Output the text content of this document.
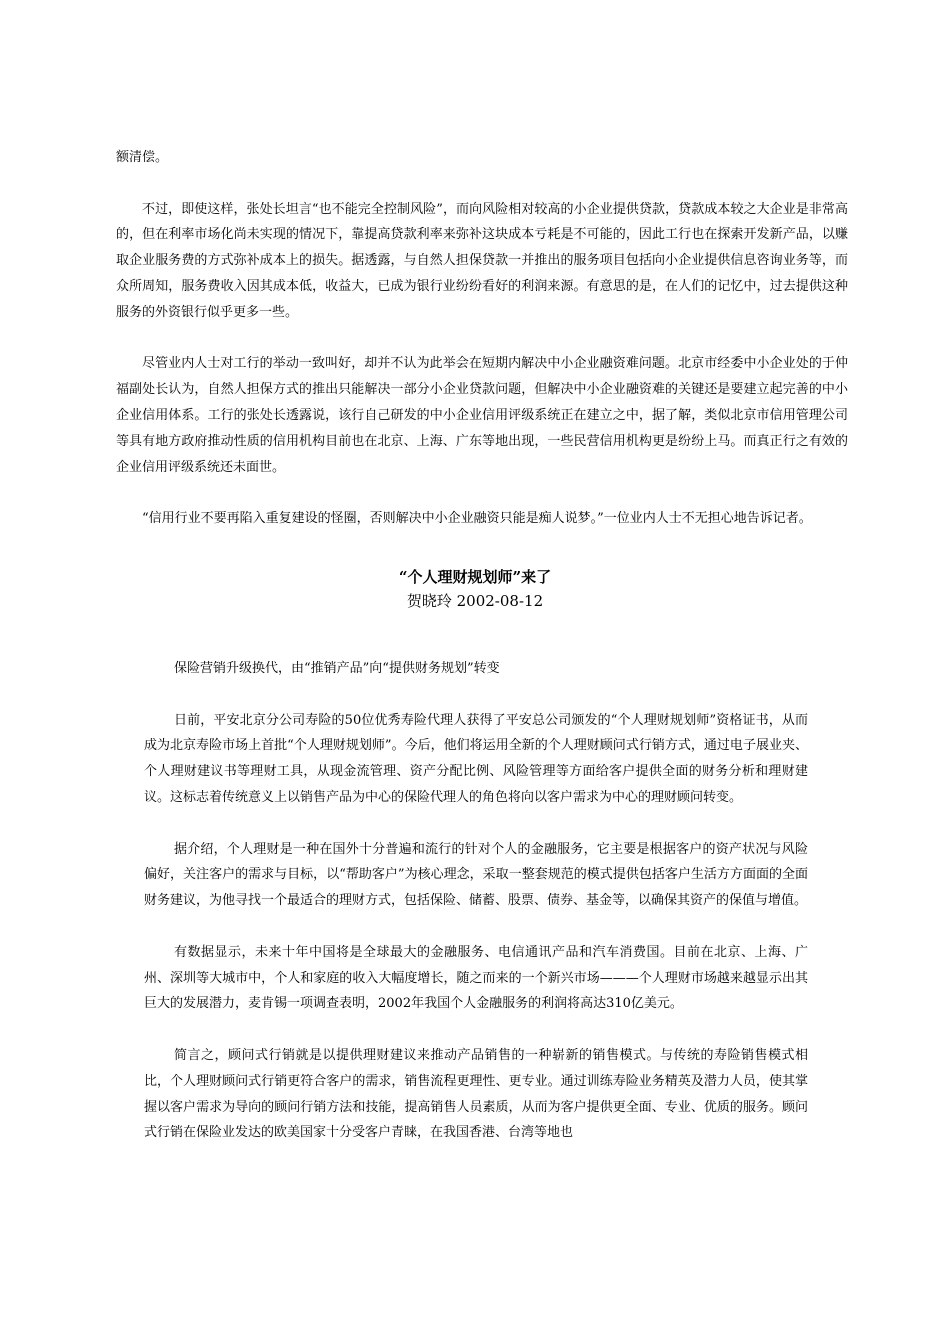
额清偿。

不过，即使这样，张处长坦言“也不能完全控制风险”，而向风险相对较高的小企业提供贷款，贷款成本较之大企业是非常高的，但在利率市场化尚未实现的情况下，靠提高贷款利率来弥补这块成本亏耗是不可能的，因此工行也在探索开发新产品，以赚取企业服务费的方式弥补成本上的损失。据透露，与自然人担保贷款一并推出的服务项目包括向小企业提供信息咨询业务等，而众所周知，服务费收入因其成本低，收益大，已成为银行业纷纷看好的利润来源。有意思的是，在人们的记忆中，过去提供这种服务的外资银行似乎更多一些。

尽管业内人士对工行的举动一致叫好，却并不认为此举会在短期内解决中小企业融资难问题。北京市经委中小企业处的于仲福副处长认为，自然人担保方式的推出只能解决一部分小企业贷款问题，但解决中小企业融资难的关键还是要建立起完善的中小企业信用体系。工行的张处长透露说，该行自己研发的中小企业信用评级系统正在建立之中，据了解，类似北京市信用管理公司等具有地方政府推动性质的信用机构目前也在北京、上海、广东等地出现，一些民营信用机构更是纷纷上马。而真正行之有效的企业信用评级系统还未面世。

“信用行业不要再陷入重复建设的怪圈，否则解决中小企业融资只能是痴人说梦。”一位业内人士不无担心地告诉记者。

“个人理财规划师”来了
贺晓玲 2002-08-12

保险营销升级换代，由“推销产品”向“提供财务规划”转变

日前，平安北京分公司寿险的50位优秀寿险代理人获得了平安总公司颁发的“个人理财规划师”资格证书，从而成为北京寿险市场上首批“个人理财规划师”。今后，他们将运用全新的个人理财顾问式行销方式，通过电子展业夹、个人理财建议书等理财工具，从现金流管理、资产分配比例、风险管理等方面给客户提供全面的财务分析和理财建议。这标志着传统意义上以销售产品为中心的保险代理人的角色将向以客户需求为中心的理财顾问转变。

据介绍，个人理财是一种在国外十分普遍和流行的针对个人的金融服务，它主要是根据客户的资产状况与风险偏好，关注客户的需求与目标，以“帮助客户”为核心理念，采取一整套规范的模式提供包括客户生活方方面面的全面财务建议，为他寻找一个最适合的理财方式，包括保险、储蓄、股票、债券、基金等，以确保其资产的保值与增值。

有数据显示，未来十年中国将是全球最大的金融服务、电信通讯产品和汽车消费国。目前在北京、上海、广州、深圳等大城市中，个人和家庭的收入大幅度增长，随之而来的一个新兴市场———个人理财市场越来越显示出其巨大的发展潜力，麦肯锡一项调查表明，2002年我国个人金融服务的利润将高达310亿美元。

简言之，顾问式行销就是以提供理财建议来推动产品销售的一种崭新的销售模式。与传统的寿险销售模式相比，个人理财顾问式行销更符合客户的需求，销售流程更理性、更专业。通过训练寿险业务精英及潜力人员，使其掌握以客户需求为导向的顾问行销方法和技能，提高销售人员素质，从而为客户提供更全面、专业、优质的服务。顾问式行销在保险业发达的欧美国家十分受客户青睐，在我国香港、台湾等地也
